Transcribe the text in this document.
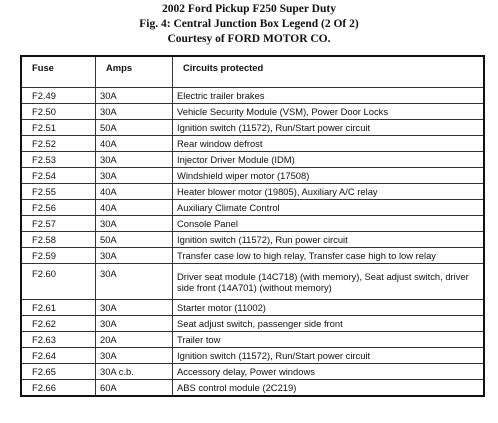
2002 Ford Pickup F250 Super Duty
Fig. 4: Central Junction Box Legend (2 Of 2)
Courtesy of FORD MOTOR CO.
Fuse	Amps	Circuits protected
F2.49	30A	Electric trailer brakes
F2.50	30A	Vehicle Security Module (VSM), Power Door Locks
F2.51	50A	Ignition switch (11572), Run/Start power circuit
F2.52	40A	Rear window defrost
F2.53	30A	Injector Driver Module (IDM)
F2.54	30A	Windshield wiper motor (17508)
F2.55	40A	Heater blower motor (19805), Auxiliary A/C relay
F2.56	40A	Auxiliary Climate Control
F2.57	30A	Console Panel
F2.58	50A	Ignition switch (11572), Run power circuit
F2.59	30A	Transfer case low to high relay, Transfer case high to low relay
F2.60	30A	Driver seat module (14C718) (with memory), Seat adjust switch, driver side front (14A701) (without memory)
F2.61	30A	Starter motor (11002)
F2.62	30A	Seat adjust switch, passenger side front
F2.63	20A	Trailer tow
F2.64	30A	Ignition switch (11572), Run/Start power circuit
F2.65	30A c.b.	Accessory delay, Power windows
F2.66	60A	ABS control module (2C219)
